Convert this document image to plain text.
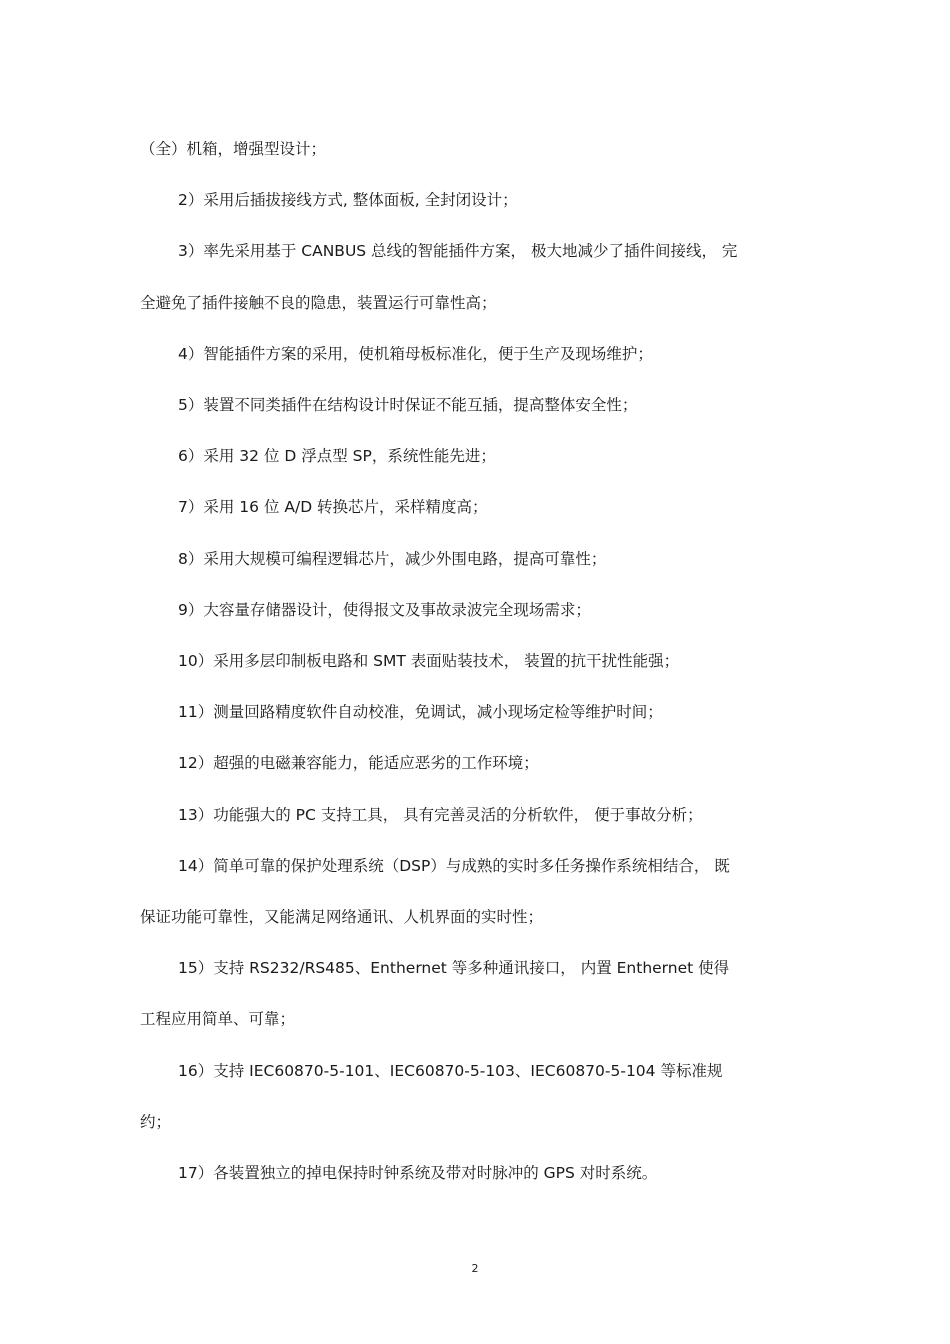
（全）机箱，增强型设计；

2）采用后插拔接线方式, 整体面板, 全封闭设计；

3）率先采用基于 CANBUS 总线的智能插件方案， 极大地减少了插件间接线， 完

全避免了插件接触不良的隐患，装置运行可靠性高；

4）智能插件方案的采用，使机箱母板标准化，便于生产及现场维护；

5）装置不同类插件在结构设计时保证不能互插，提高整体安全性；

6）采用 32 位 D 浮点型 SP，系统性能先进；

7）采用 16 位 A/D 转换芯片，采样精度高；

8）采用大规模可编程逻辑芯片，减少外围电路，提高可靠性；

9）大容量存储器设计，使得报文及事故录波完全现场需求；

10）采用多层印制板电路和 SMT 表面贴装技术， 装置的抗干扰性能强；

11）测量回路精度软件自动校准，免调试，减小现场定检等维护时间；

12）超强的电磁兼容能力，能适应恶劣的工作环境；

13）功能强大的 PC 支持工具， 具有完善灵活的分析软件， 便于事故分析；

14）简单可靠的保护处理系统（DSP）与成熟的实时多任务操作系统相结合， 既

保证功能可靠性，又能满足网络通讯、人机界面的实时性；

15）支持 RS232/RS485、Enthernet 等多种通讯接口， 内置 Enthernet 使得

工程应用简单、可靠；

16）支持 IEC60870-5-101、IEC60870-5-103、IEC60870-5-104 等标准规

约；

17）各装置独立的掉电保持时钟系统及带对时脉冲的 GPS 对时系统。

2
